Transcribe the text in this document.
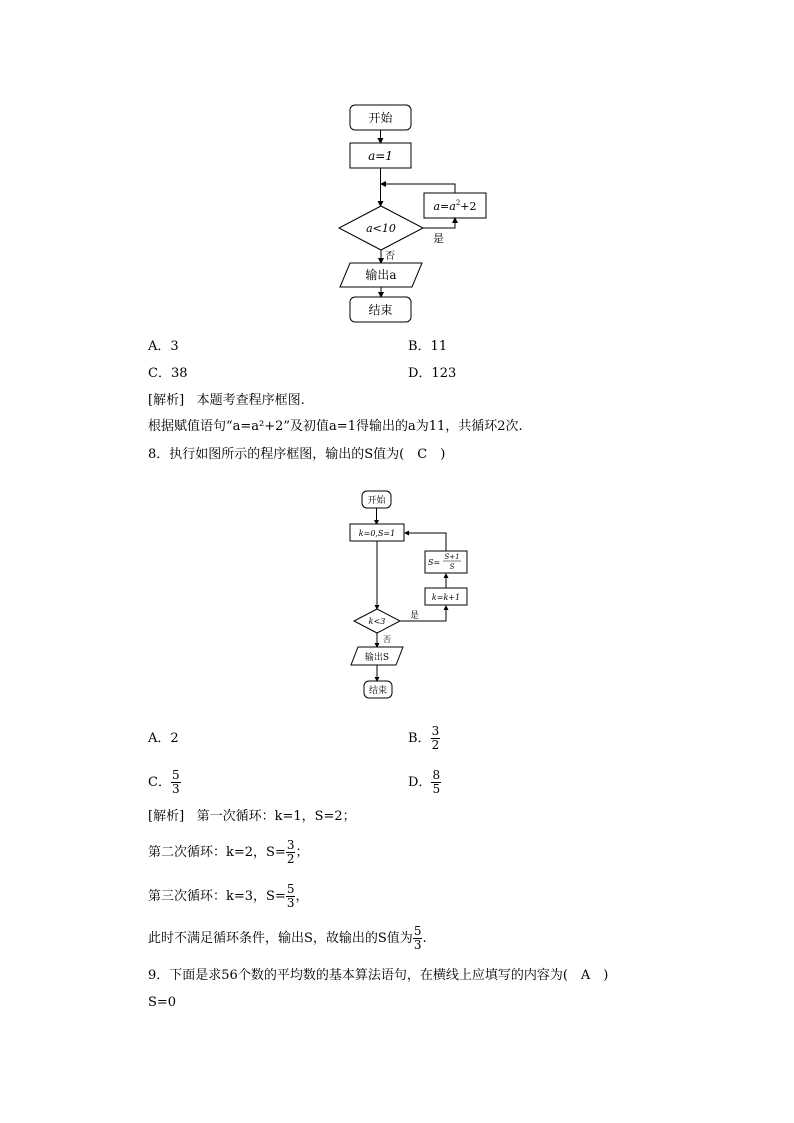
开始
a=1
$a=a^2+2$
a<10
是
否
输出a
结束
A．3	B．11
C．38	D．123
[解析] 本题考查程序框图.
根据赋值语句“a=a²+2”及初值a=1得输出的a为11，共循环2次.
8．执行如图所示的程序框图，输出的S值为(　C　)
开始
k=0,S=1
S=
S+1
S
k=k+1
k<3
是
否
输出S
结束
A．2	B． $\frac{3}{2}$
C． $\frac{5}{3}$	D． $\frac{8}{5}$
[解析] 第一次循环：k=1，S=2；
第二次循环：k=2，$S= \frac{3}{2}$ ；
第三次循环：k=3，$S= \frac{5}{3}$ ，
此时不满足循环条件，输出S，故输出的S值为 $\frac{5}{3}$ .
9．下面是求56个数的平均数的基本算法语句，在横线上应填写的内容为(　A　)
S=0
